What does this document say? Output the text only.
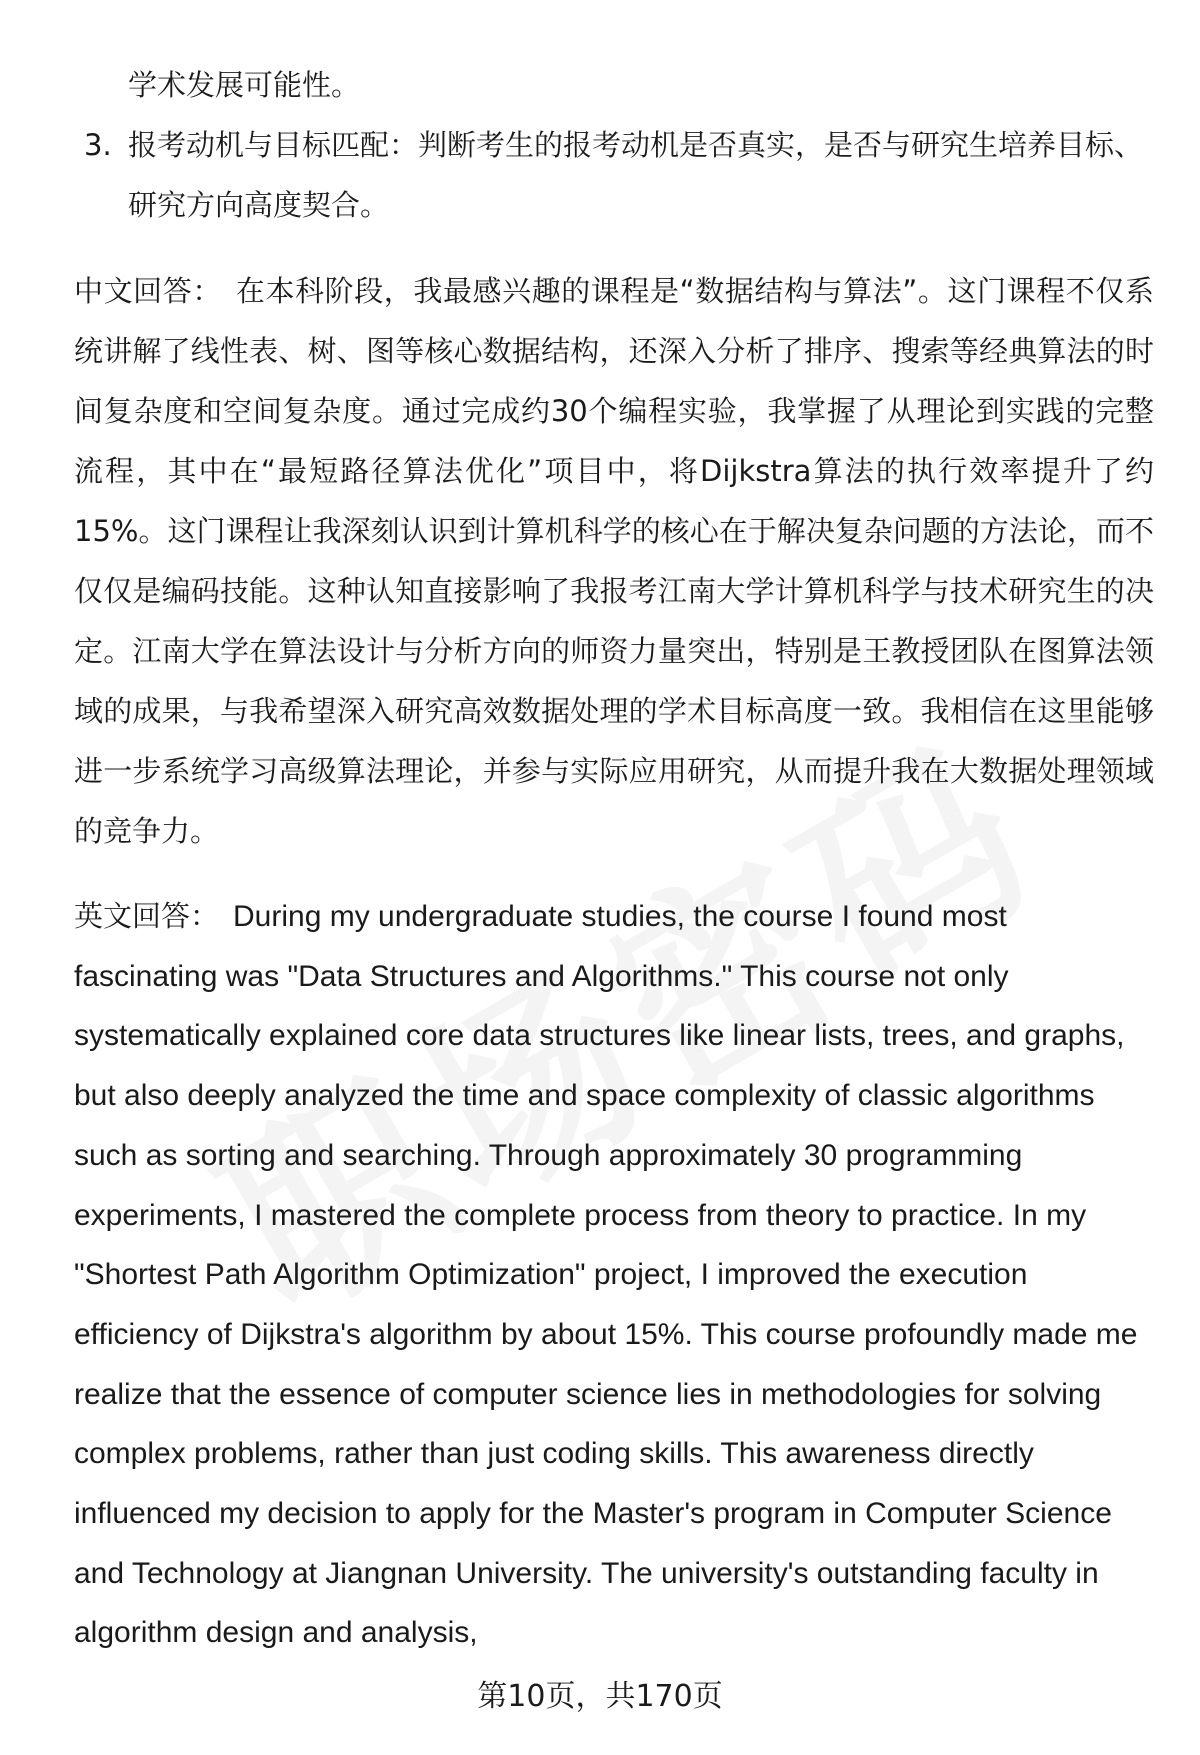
学术发展可能性。

3. 报考动机与目标匹配：判断考生的报考动机是否真实，是否与研究生培养目标、研究方向高度契合。

中文回答： 在本科阶段，我最感兴趣的课程是“数据结构与算法”。这门课程不仅系统讲解了线性表、树、图等核心数据结构，还深入分析了排序、搜索等经典算法的时间复杂度和空间复杂度。通过完成约30个编程实验，我掌握了从理论到实践的完整流程，其中在“最短路径算法优化”项目中，将Dijkstra算法的执行效率提升了约15%。这门课程让我深刻认识到计算机科学的核心在于解决复杂问题的方法论，而不仅仅是编码技能。这种认知直接影响了我报考江南大学计算机科学与技术研究生的决定。江南大学在算法设计与分析方向的师资力量突出，特别是王教授团队在图算法领域的成果，与我希望深入研究高效数据处理的学术目标高度一致。我相信在这里能够进一步系统学习高级算法理论，并参与实际应用研究，从而提升我在大数据处理领域的竞争力。

英文回答： During my undergraduate studies, the course I found most fascinating was "Data Structures and Algorithms." This course not only systematically explained core data structures like linear lists, trees, and graphs, but also deeply analyzed the time and space complexity of classic algorithms such as sorting and searching. Through approximately 30 programming experiments, I mastered the complete process from theory to practice. In my "Shortest Path Algorithm Optimization" project, I improved the execution efficiency of Dijkstra's algorithm by about 15%. This course profoundly made me realize that the essence of computer science lies in methodologies for solving complex problems, rather than just coding skills. This awareness directly influenced my decision to apply for the Master's program in Computer Science and Technology at Jiangnan University. The university's outstanding faculty in algorithm design and analysis,

第10页，共170页
